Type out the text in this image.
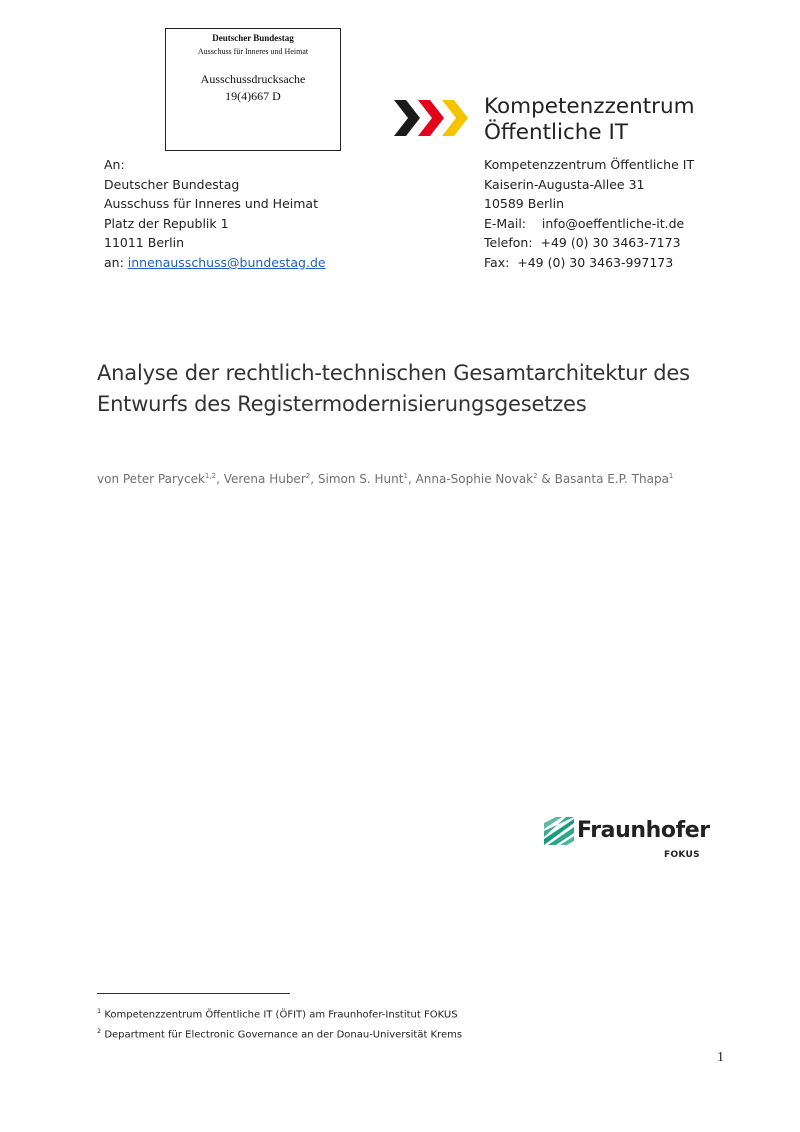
Deutscher Bundestag
Ausschuss für Inneres und Heimat
Ausschussdrucksache
19(4)667 D	Kompetenzzentrum
Öffentliche IT
An:
Deutscher Bundestag
Ausschuss für Inneres und Heimat
Platz der Republik 1
11011 Berlin
an: innenausschuss@bundestag.de
Kompetenzzentrum Öffentliche IT
Kaiserin-Augusta-Allee 31
10589 Berlin
E-Mail:    info@oeffentliche-it.de
Telefon:  +49 (0) 30 3463-7173
Fax:  +49 (0) 30 3463-997173
Analyse der rechtlich-technischen Gesamtarchitektur des
Entwurfs des Registermodernisierungsgesetzes
von Peter Parycek$^{1,2}$, Verena Huber$^2$, Simon S. Hunt$^1$, Anna-Sophie Novak$^2$ & Basanta E.P. Thapa$^1$
Fraunhofer
FOKUS
$^1$ Kompetenzzentrum Öffentliche IT (ÖFIT) am Fraunhofer-Institut FOKUS
$^2$ Department für Electronic Governance an der Donau-Universität Krems
1
